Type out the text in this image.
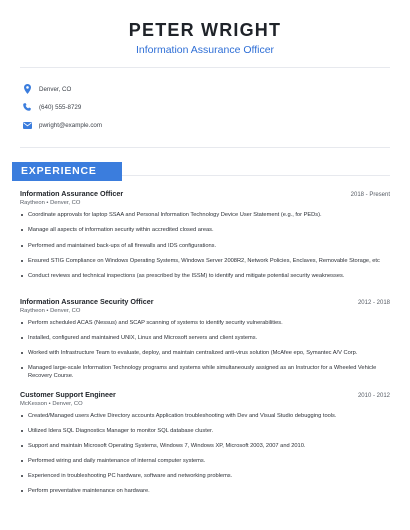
PETER WRIGHT
Information Assurance Officer
Denver, CO
(640) 555-8729
pwright@example.com
EXPERIENCE
Information Assurance Officer	2018 - Present
Raytheon • Denver, CO
Coordinate approvals for laptop SSAA and Personal Information Technology Device User Statement (e.g., for PEDs).
Manage all aspects of information security within accredited closed areas.
Performed and maintained back-ups of all firewalls and IDS configurations.
Ensured STIG Compliance on Windows Operating Systems, Windows Server 2008R2, Network Policies, Enclaves, Removable Storage, etc
Conduct reviews and technical inspections (as prescribed by the ISSM) to identify and mitigate potential security weaknesses.
Information Assurance Security Officer	2012 - 2018
Raytheon • Denver, CO
Perform scheduled ACAS (Nessus) and SCAP scanning of systems to identify security vulnerabilities.
Installed, configured and maintained UNIX, Linux and Microsoft servers and client systems.
Worked with Infrastructure Team to evaluate, deploy, and maintain centralized anti-virus solution (McAfee epo, Symantec A/V Corp.
Managed large-scale Information Technology programs and systems while simultaneously assigned as an Instructor for a Wheeled Vehicle Recovery Course.
Customer Support Engineer	2010 - 2012
McKesson • Denver, CO
Created/Managed users Active Directory accounts Application troubleshooting with Dev and Visual Studio debugging tools.
Utilized Idera SQL Diagnostics Manager to monitor SQL database cluster.
Support and maintain Microsoft Operating Systems, Windows 7, Windows XP, Microsoft 2003, 2007 and 2010.
Performed wiring and daily maintenance of internal computer systems.
Experienced in troubleshooting PC hardware, software and networking problems.
Perform preventative maintenance on hardware.
